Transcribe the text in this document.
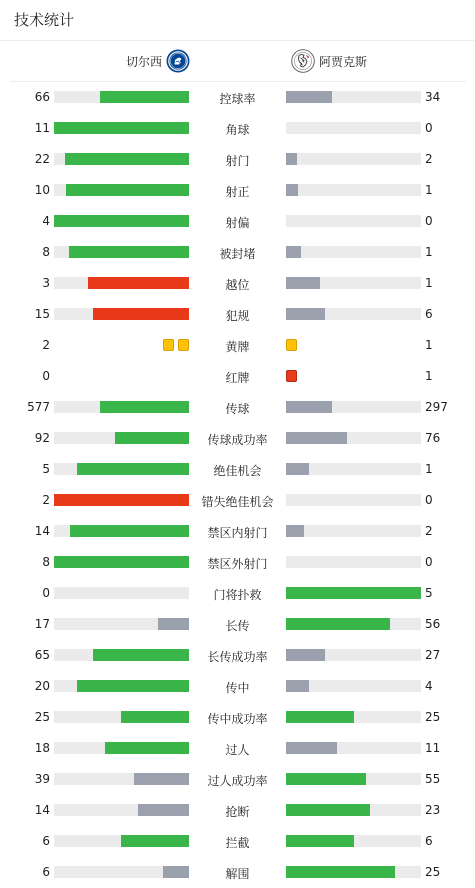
技术统计
切尔西	阿贾克斯
66	控球率	34
11	角球	0
22	射门	2
10	射正	1
4	射偏	0
8	被封堵	1
3	越位	1
15	犯规	6
2	黄牌	1
0	红牌	1
577	传球	297
92	传球成功率	76
5	绝佳机会	1
2	错失绝佳机会	0
14	禁区内射门	2
8	禁区外射门	0
0	门将扑救	5
17	长传	56
65	长传成功率	27
20	传中	4
25	传中成功率	25
18	过人	11
39	过人成功率	55
14	抢断	23
6	拦截	6
6	解围	25
